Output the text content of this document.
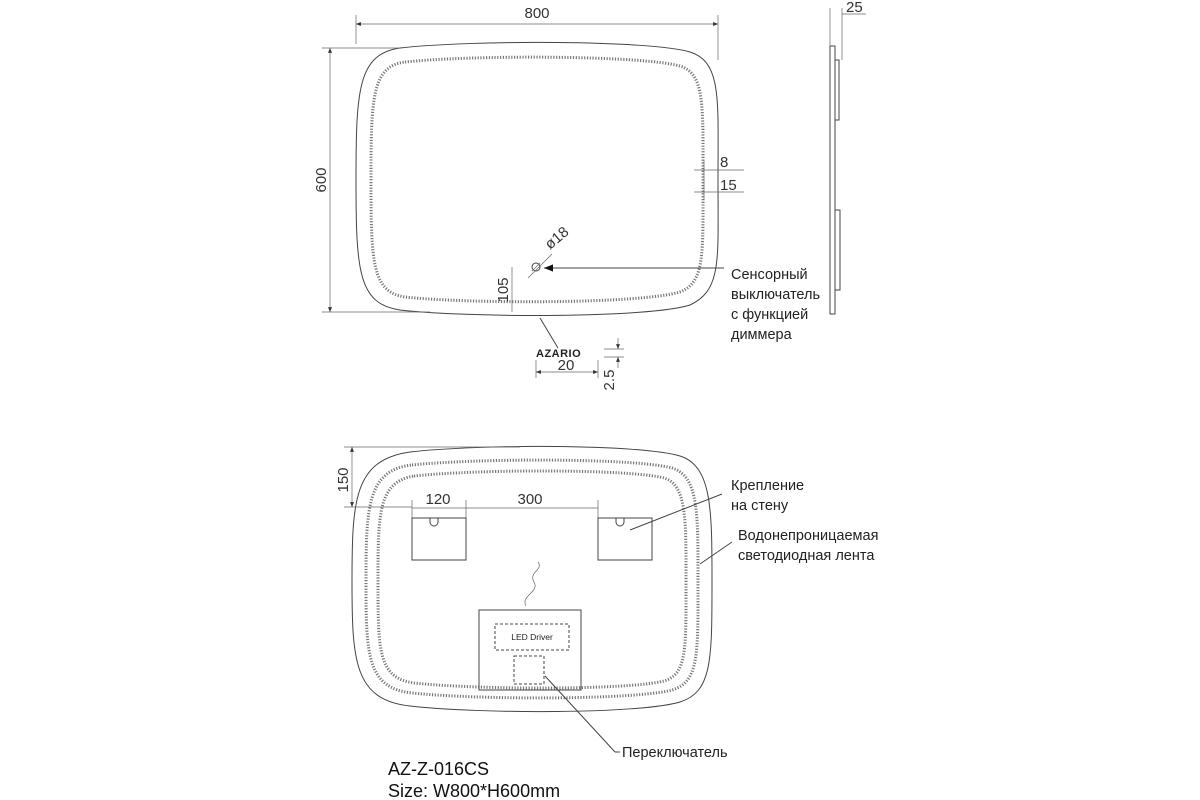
800
600
8
15
ø18
105
Сенсорный выключатель с функцией диммера
AZARIO
20
2.5
25
150
120	300
LED Driver
Крепление на стену
Водонепроницаемая светодиодная лента
Переключатель
AZ-Z-016CS
Size: W800*H600mm
